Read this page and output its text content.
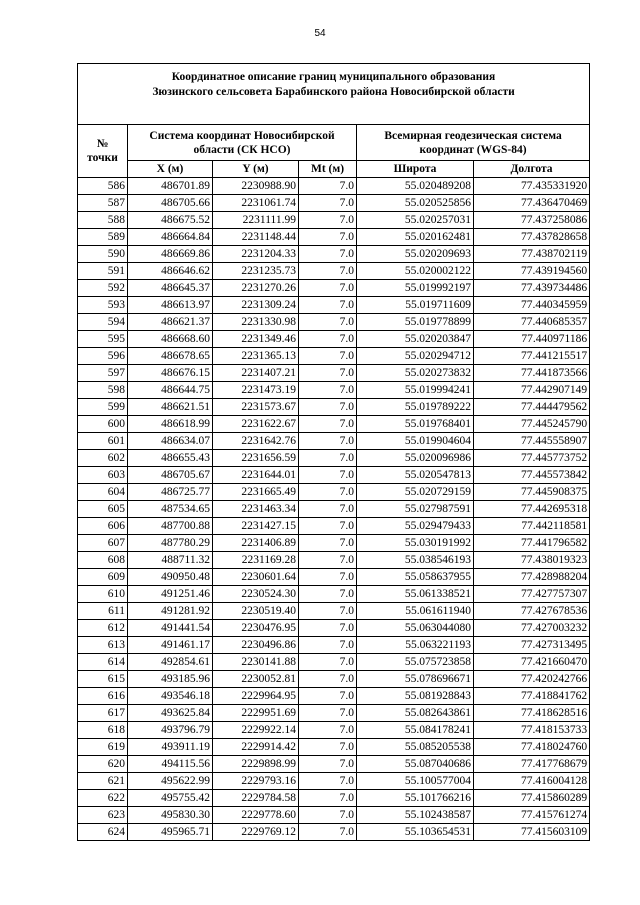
54
Координатное описание границ муниципального образования
Зюзинского сельсовета Барабинского района Новосибирской области					

№
точки	Система координат Новосибирской области (СК НСО)			Всемирная геодезическая система координат (WGS-84)	
	X (м)	Y (м)	Mt (м)	Широта	Долгота
586	486701.89	2230988.90	7.0	55.020489208	77.435331920
587	486705.66	2231061.74	7.0	55.020525856	77.436470469
588	486675.52	2231111.99	7.0	55.020257031	77.437258086
589	486664.84	2231148.44	7.0	55.020162481	77.437828658
590	486669.86	2231204.33	7.0	55.020209693	77.438702119
591	486646.62	2231235.73	7.0	55.020002122	77.439194560
592	486645.37	2231270.26	7.0	55.019992197	77.439734486
593	486613.97	2231309.24	7.0	55.019711609	77.440345959
594	486621.37	2231330.98	7.0	55.019778899	77.440685357
595	486668.60	2231349.46	7.0	55.020203847	77.440971186
596	486678.65	2231365.13	7.0	55.020294712	77.441215517
597	486676.15	2231407.21	7.0	55.020273832	77.441873566
598	486644.75	2231473.19	7.0	55.019994241	77.442907149
599	486621.51	2231573.67	7.0	55.019789222	77.444479562
600	486618.99	2231622.67	7.0	55.019768401	77.445245790
601	486634.07	2231642.76	7.0	55.019904604	77.445558907
602	486655.43	2231656.59	7.0	55.020096986	77.445773752
603	486705.67	2231644.01	7.0	55.020547813	77.445573842
604	486725.77	2231665.49	7.0	55.020729159	77.445908375
605	487534.65	2231463.34	7.0	55.027987591	77.442695318
606	487700.88	2231427.15	7.0	55.029479433	77.442118581
607	487780.29	2231406.89	7.0	55.030191992	77.441796582
608	488711.32	2231169.28	7.0	55.038546193	77.438019323
609	490950.48	2230601.64	7.0	55.058637955	77.428988204
610	491251.46	2230524.30	7.0	55.061338521	77.427757307
611	491281.92	2230519.40	7.0	55.061611940	77.427678536
612	491441.54	2230476.95	7.0	55.063044080	77.427003232
613	491461.17	2230496.86	7.0	55.063221193	77.427313495
614	492854.61	2230141.88	7.0	55.075723858	77.421660470
615	493185.96	2230052.81	7.0	55.078696671	77.420242766
616	493546.18	2229964.95	7.0	55.081928843	77.418841762
617	493625.84	2229951.69	7.0	55.082643861	77.418628516
618	493796.79	2229922.14	7.0	55.084178241	77.418153733
619	493911.19	2229914.42	7.0	55.085205538	77.418024760
620	494115.56	2229898.99	7.0	55.087040686	77.417768679
621	495622.99	2229793.16	7.0	55.100577004	77.416004128
622	495755.42	2229784.58	7.0	55.101766216	77.415860289
623	495830.30	2229778.60	7.0	55.102438587	77.415761274
624	495965.71	2229769.12	7.0	55.103654531	77.415603109
